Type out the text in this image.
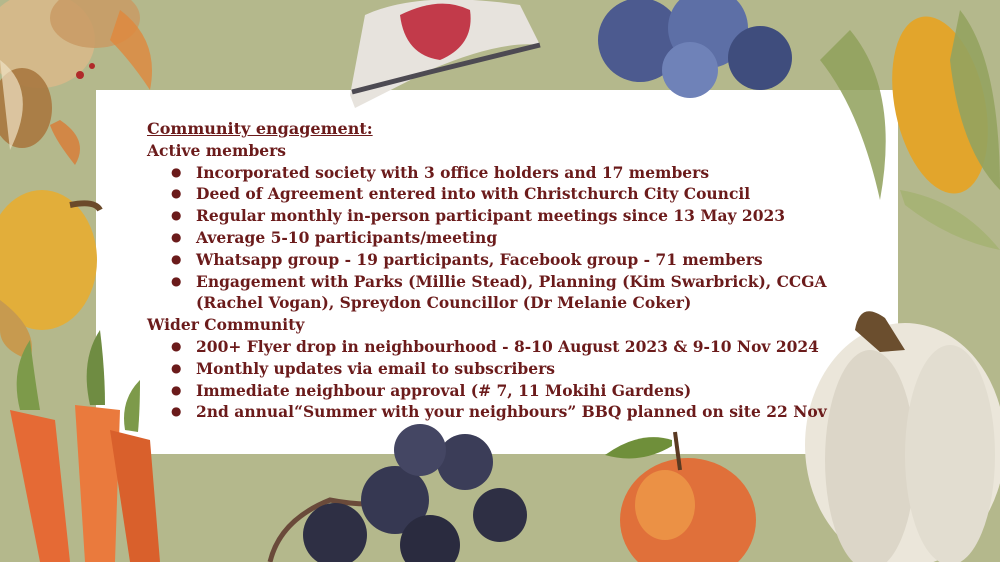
Community engagement:
Active members
● Incorporated society with 3 office holders and 17 members
● Deed of Agreement entered into with Christchurch City Council
● Regular monthly in-person participant meetings since 13 May 2023
● Average 5-10 participants/meeting
● Whatsapp group - 19 participants, Facebook group - 71 members
● Engagement with Parks (Millie Stead), Planning (Kim Swarbrick), CCGA (Rachel Vogan), Spreydon Councillor (Dr Melanie Coker)
Wider Community
● 200+ Flyer drop in neighbourhood - 8-10 August 2023 & 9-10 Nov 2024
● Monthly updates via email to subscribers
● Immediate neighbour approval (# 7, 11 Mokihi Gardens)
● 2nd annual“Summer with your neighbours” BBQ planned on site 22 Nov
